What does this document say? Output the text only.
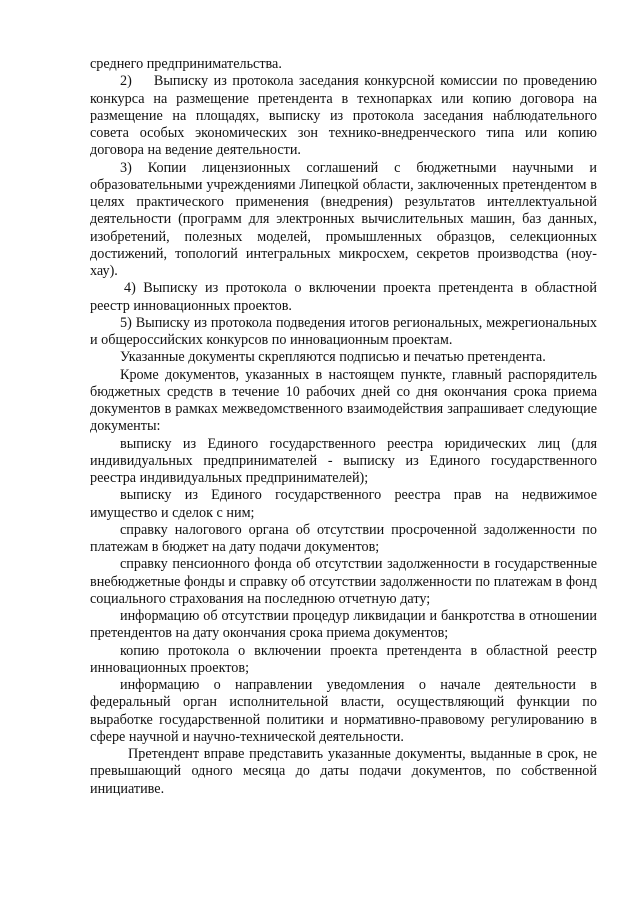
среднего предпринимательства.

2)    Выписку из протокола заседания конкурсной комиссии по проведению конкурса на размещение претендента в технопарках или копию договора на размещение на площадях, выписку из протокола заседания наблюдательного совета особых экономических зон технико-внедренческого типа или копию договора на ведение деятельности.

3) Копии лицензионных соглашений с бюджетными научными и образовательными учреждениями Липецкой области, заключенных претендентом в целях практического применения (внедрения) результатов интеллектуальной деятельности (программ для электронных вычислительных машин, баз данных, изобретений, полезных моделей, промышленных образцов, селекционных достижений, топологий интегральных микросхем, секретов производства (ноу-хау).

4) Выписку из протокола о включении проекта претендента в областной реестр инновационных проектов.

5) Выписку из протокола подведения итогов региональных, межрегиональных и общероссийских конкурсов по инновационным проектам.

Указанные документы скрепляются подписью и печатью претендента.

Кроме документов, указанных в настоящем пункте, главный распорядитель бюджетных средств в течение 10 рабочих дней со дня окончания срока приема документов в рамках межведомственного взаимодействия запрашивает следующие документы:

выписку из Единого государственного реестра юридических лиц (для индивидуальных предпринимателей - выписку из Единого государственного реестра индивидуальных предпринимателей);

выписку из Единого государственного реестра прав на недвижимое имущество и сделок с ним;

справку налогового органа об отсутствии просроченной задолженности по платежам в бюджет на дату подачи документов;

справку пенсионного фонда об отсутствии задолженности в государственные внебюджетные фонды и справку об отсутствии задолженности по платежам в фонд социального страхования на последнюю отчетную дату;

информацию об отсутствии процедур ликвидации и банкротства в отношении претендентов на дату окончания срока приема документов;

копию протокола о включении проекта претендента в областной реестр инновационных проектов;

информацию о направлении уведомления о начале деятельности в федеральный орган исполнительной власти, осуществляющий функции по выработке государственной политики и нормативно-правовому регулированию в сфере научной и научно-технической деятельности.

Претендент вправе представить указанные документы, выданные в срок, не превышающий одного месяца до даты подачи документов, по собственной инициативе.
